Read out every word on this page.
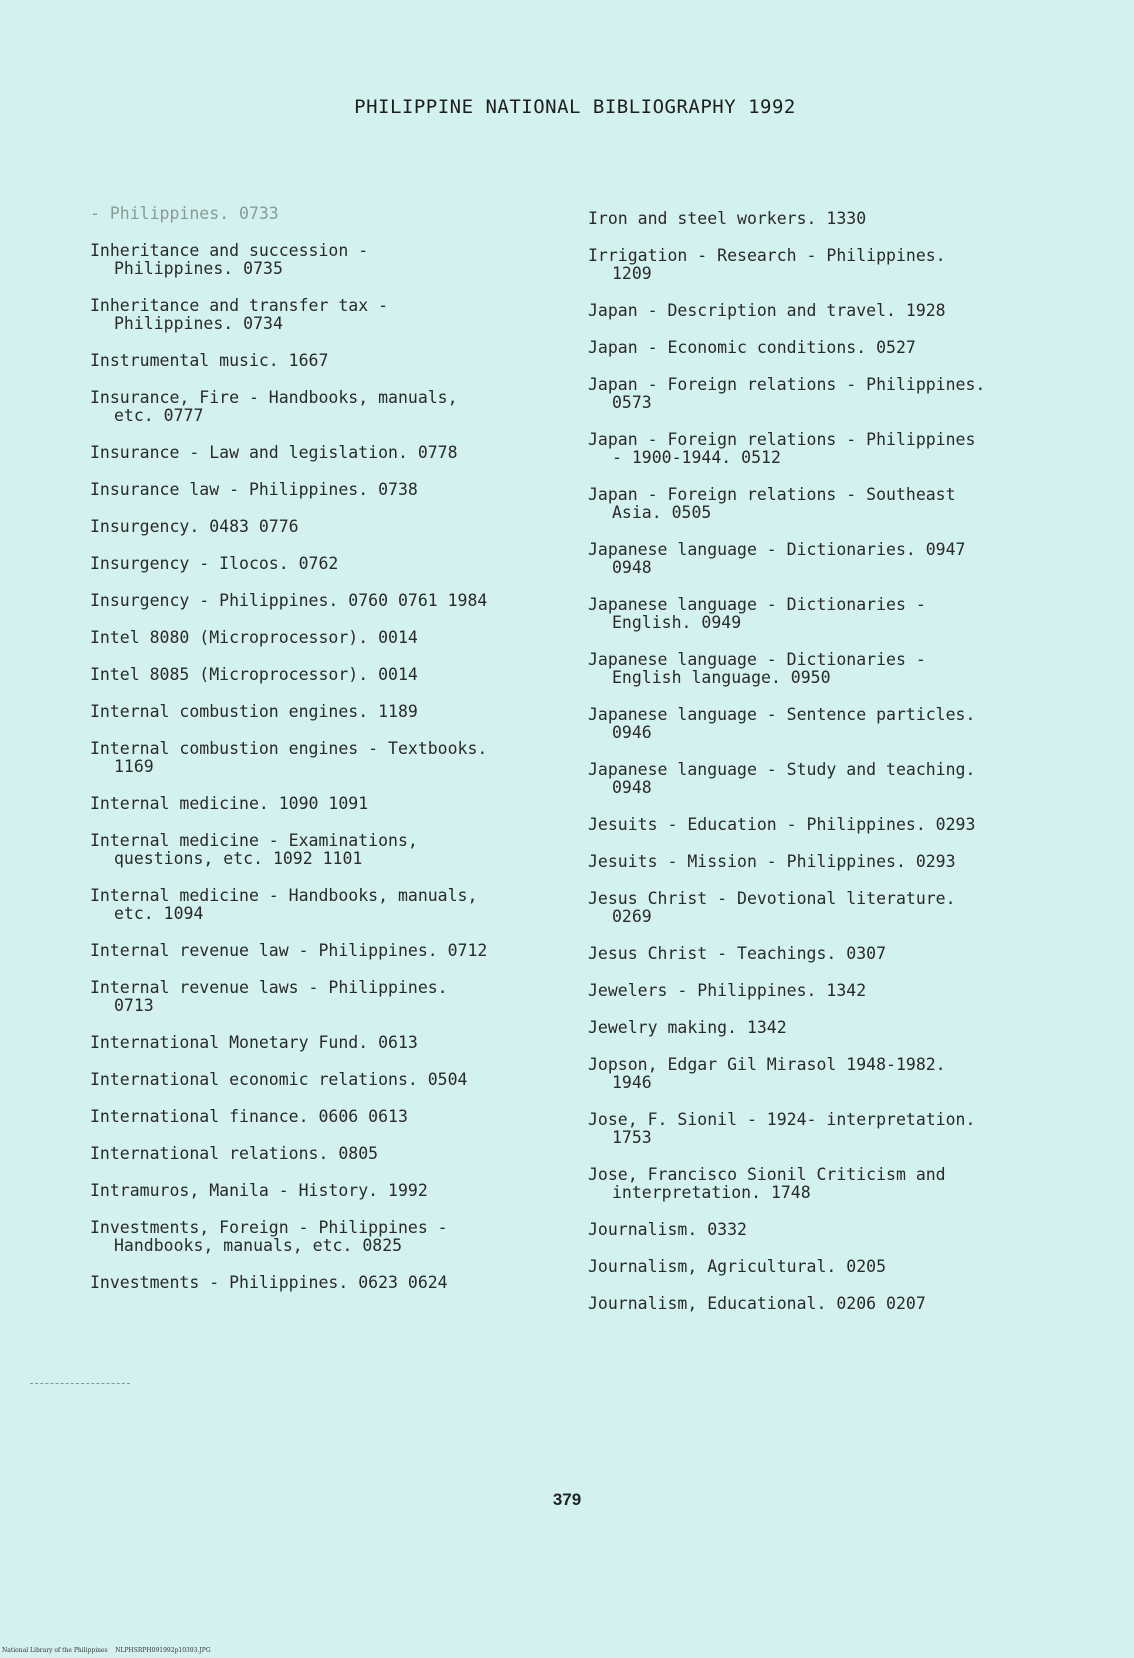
PHILIPPINE NATIONAL BIBLIOGRAPHY 1992
- Philippines. 0733
Inheritance and succession -
Philippines. 0735
Inheritance and transfer tax -
Philippines. 0734
Instrumental music. 1667
Insurance, Fire - Handbooks, manuals,
etc. 0777
Insurance - Law and legislation. 0778
Insurance law - Philippines. 0738
Insurgency. 0483 0776
Insurgency - Ilocos. 0762
Insurgency - Philippines. 0760 0761 1984
Intel 8080 (Microprocessor). 0014
Intel 8085 (Microprocessor). 0014
Internal combustion engines. 1189
Internal combustion engines - Textbooks.
1169
Internal medicine. 1090 1091
Internal medicine - Examinations,
questions, etc. 1092 1101
Internal medicine - Handbooks, manuals,
etc. 1094
Internal revenue law - Philippines. 0712
Internal revenue laws - Philippines.
0713
International Monetary Fund. 0613
International economic relations. 0504
International finance. 0606 0613
International relations. 0805
Intramuros, Manila - History. 1992
Investments, Foreign - Philippines -
Handbooks, manuals, etc. 0825
Investments - Philippines. 0623 0624
Iron and steel workers. 1330
Irrigation - Research - Philippines.
1209
Japan - Description and travel. 1928
Japan - Economic conditions. 0527
Japan - Foreign relations - Philippines.
0573
Japan - Foreign relations - Philippines
- 1900-1944. 0512
Japan - Foreign relations - Southeast
Asia. 0505
Japanese language - Dictionaries. 0947
0948
Japanese language - Dictionaries -
English. 0949
Japanese language - Dictionaries -
English language. 0950
Japanese language - Sentence particles.
0946
Japanese language - Study and teaching.
0948
Jesuits - Education - Philippines. 0293
Jesuits - Mission - Philippines. 0293
Jesus Christ - Devotional literature.
0269
Jesus Christ - Teachings. 0307
Jewelers - Philippines. 1342
Jewelry making. 1342
Jopson, Edgar Gil Mirasol 1948-1982.
1946
Jose, F. Sionil - 1924- interpretation.
1753
Jose, Francisco Sionil Criticism and
interpretation. 1748
Journalism. 0332
Journalism, Agricultural. 0205
Journalism, Educational. 0206 0207
379
National Library of the Philippines NLPHSRPH091992p10393.JPG
